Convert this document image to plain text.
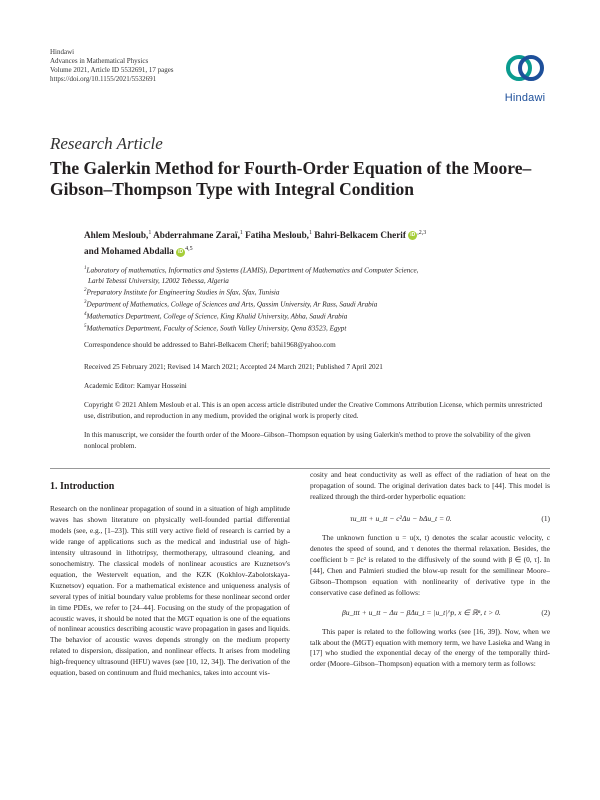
Hindawi
Advances in Mathematical Physics
Volume 2021, Article ID 5532691, 17 pages
https://doi.org/10.1155/2021/5532691
Hindawi
Research Article
The Galerkin Method for Fourth-Order Equation of the Moore–Gibson–Thompson Type with Integral Condition
Ahlem Mesloub,$^1$ Abderrahmane Zaraï,$^1$ Fatiha Mesloub,$^1$ Bahri-Belkacem Cherif iD $^{,2,3}$
and Mohamed Abdalla iD $^{4,5}$
$^1$Laboratory of mathematics, Informatics and Systems (LAMIS), Department of Mathematics and Computer Science,
Larbi Tebessi University, 12002 Tebessa, Algeria
$^2$Preparatory Institute for Engineering Studies in Sfax, Sfax, Tunisia
$^3$Department of Mathematics, College of Sciences and Arts, Qassim University, Ar Rass, Saudi Arabia
$^4$Mathematics Department, College of Science, King Khalid University, Abha, Saudi Arabia
$^5$Mathematics Department, Faculty of Science, South Valley University, Qena 83523, Egypt
Correspondence should be addressed to Bahri-Belkacem Cherif; bahi1968@yahoo.com
Received 25 February 2021; Revised 14 March 2021; Accepted 24 March 2021; Published 7 April 2021
Academic Editor: Kamyar Hosseini
Copyright © 2021 Ahlem Mesloub et al. This is an open access article distributed under the Creative Commons Attribution License, which permits unrestricted use, distribution, and reproduction in any medium, provided the original work is properly cited.
In this manuscript, we consider the fourth order of the Moore–Gibson–Thompson equation by using Galerkin's method to prove the solvability of the given nonlocal problem.
1. Introduction

Research on the nonlinear propagation of sound in a situation of high amplitude waves has shown literature on physically well-founded partial differential models (see, e.g., [1–23]). This still very active field of research is carried by a wide range of applications such as the medical and industrial use of high-intensity ultrasound in lithotripsy, thermotherapy, ultrasound cleaning, and sonochemistry. The classical models of nonlinear acoustics are Kuznetsov's equation, the Westervelt equation, and the KZK (Kokhlov-Zabolotskaya-Kuznetsov) equation. For a mathematical existence and uniqueness analysis of several types of initial boundary value problems for these nonlinear second order in time PDEs, we refer to [24–44]. Focusing on the study of the propagation of acoustic waves, it should be noted that the MGT equation is one of the equations of nonlinear acoustics describing acoustic wave propagation in gases and liquids. The behavior of acoustic waves depends strongly on the medium property related to dispersion, dissipation, and nonlinear effects. It arises from modeling high-frequency ultrasound (HFU) waves (see [10, 12, 34]). The derivation of the equation, based on continuum and fluid mechanics, takes into account vis-

cosity and heat conductivity as well as effect of the radiation of heat on the propagation of sound. The original derivation dates back to [44]. This model is realized through the third-order hyperbolic equation:

τu_ttt + u_tt − c²Δu − bΔu_t = 0.	(1)

The unknown function u = u(x, t) denotes the scalar acoustic velocity, c denotes the speed of sound, and τ denotes the thermal relaxation. Besides, the coefficient b = βc² is related to the diffusively of the sound with β ∈ (0, τ]. In [44], Chen and Palmieri studied the blow-up result for the semilinear Moore–Gibson–Thompson equation with nonlinearity of derivative type in the conservative case defined as follows:

βu_ttt + u_tt − Δu − βΔu_t = |u_t|^p, x ∈ ℝⁿ, t > 0.	(2)

This paper is related to the following works (see [16, 39]). Now, when we talk about the (MGT) equation with memory term, we have Lasieka and Wang in [17] who studied the exponential decay of the energy of the temporally third-order (Moore–Gibson–Thompson) equation with a memory term as follows:
